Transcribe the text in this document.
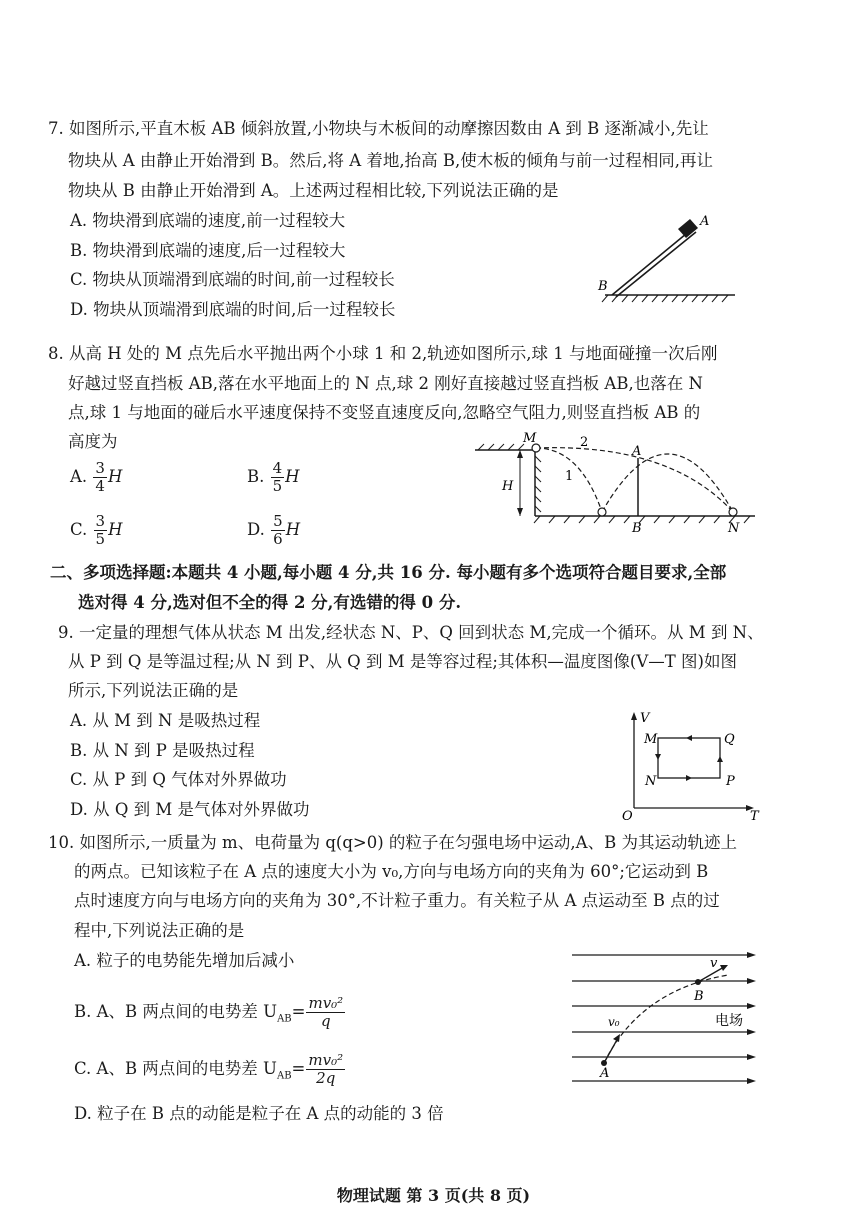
7. 如图所示,平直木板 AB 倾斜放置,小物块与木板间的动摩擦因数由 A 到 B 逐渐减小,先让
物块从 A 由静止开始滑到 B。然后,将 A 着地,抬高 B,使木板的倾角与前一过程相同,再让
物块从 B 由静止开始滑到 A。上述两过程相比较,下列说法正确的是
A. 物块滑到底端的速度,前一过程较大
B. 物块滑到底端的速度,后一过程较大
C. 物块从顶端滑到底端的时间,前一过程较长
D. 物块从顶端滑到底端的时间,后一过程较长
A
B
8. 从高 H 处的 M 点先后水平抛出两个小球 1 和 2,轨迹如图所示,球 1 与地面碰撞一次后刚
好越过竖直挡板 AB,落在水平地面上的 N 点,球 2 刚好直接越过竖直挡板 AB,也落在 N
点,球 1 与地面的碰后水平速度保持不变竖直速度反向,忽略空气阻力,则竖直挡板 AB 的
高度为
A. $\frac{3}{4}$ H	B. $\frac{4}{5}$ H
C. $\frac{3}{5}$ H	D. $\frac{5}{6}$ H
H
M	2
1
A
B	N
二、多项选择题:本题共 4 小题,每小题 4 分,共 16 分. 每小题有多个选项符合题目要求,全部
选对得 4 分,选对但不全的得 2 分,有选错的得 0 分.
9. 一定量的理想气体从状态 M 出发,经状态 N、P、Q 回到状态 M,完成一个循环。从 M 到 N、
从 P 到 Q 是等温过程;从 N 到 P、从 Q 到 M 是等容过程;其体积—温度图像(V—T 图)如图
所示,下列说法正确的是
A. 从 M 到 N 是吸热过程
B. 从 N 到 P 是吸热过程
C. 从 P 到 Q 气体对外界做功
D. 从 Q 到 M 是气体对外界做功
V
T
O
M	Q
N	P
10. 如图所示,一质量为 m、电荷量为 q(q>0) 的粒子在匀强电场中运动,A、B 为其运动轨迹上
的两点。已知该粒子在 A 点的速度大小为 v₀,方向与电场方向的夹角为 60°;它运动到 B
点时速度方向与电场方向的夹角为 30°,不计粒子重力。有关粒子从 A 点运动至 B 点的过
程中,下列说法正确的是
A. 粒子的电势能先增加后减小
B. A、B 两点间的电势差 $U_{AB}= \frac{\text{mv₀²}}{q}$
C. A、B 两点间的电势差 $U_{AB}= \frac{\text{mv₀²}}{2q}$
D. 粒子在 B 点的动能是粒子在 A 点的动能的 3 倍
v
B
v₀	电场
A
物理试题 第 3 页(共 8 页)
